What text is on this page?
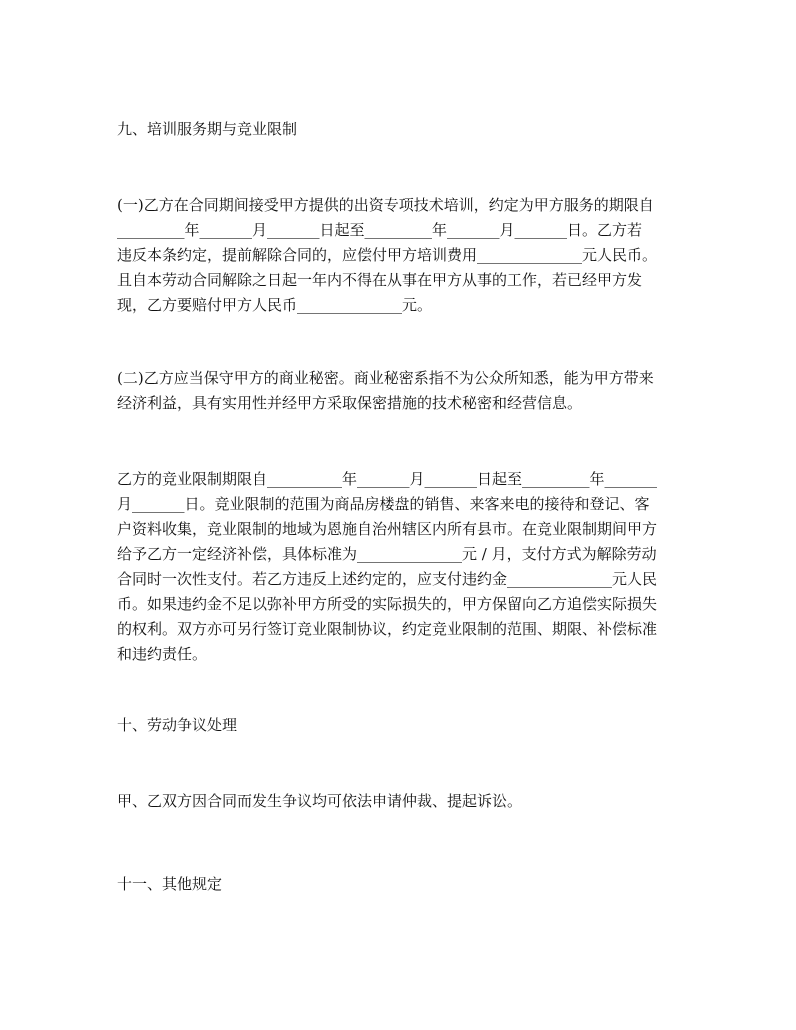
九、培训服务期与竞业限制
(一)乙方在合同期间接受甲方提供的出资专项技术培训，约定为甲方服务的期限自
_________年_______月_______日起至_________年_______月_______日。乙方若
违反本条约定，提前解除合同的，应偿付甲方培训费用______________元人民币。
且自本劳动合同解除之日起一年内不得在从事在甲方从事的工作，若已经甲方发
现，乙方要赔付甲方人民币______________元。
(二)乙方应当保守甲方的商业秘密。商业秘密系指不为公众所知悉，能为甲方带来
经济利益，具有实用性并经甲方采取保密措施的技术秘密和经营信息。
乙方的竞业限制期限自__________年_______月_______日起至_________年_______
月_______日。竞业限制的范围为商品房楼盘的销售、来客来电的接待和登记、客
户资料收集，竞业限制的地域为恩施自治州辖区内所有县市。在竞业限制期间甲方
给予乙方一定经济补偿，具体标准为______________元 / 月，支付方式为解除劳动
合同时一次性支付。若乙方违反上述约定的，应支付违约金______________元人民
币。如果违约金不足以弥补甲方所受的实际损失的，甲方保留向乙方追偿实际损失
的权利。双方亦可另行签订竞业限制协议，约定竞业限制的范围、期限、补偿标准
和违约责任。
十、劳动争议处理
甲、乙双方因合同而发生争议均可依法申请仲裁、提起诉讼。
十一、其他规定
